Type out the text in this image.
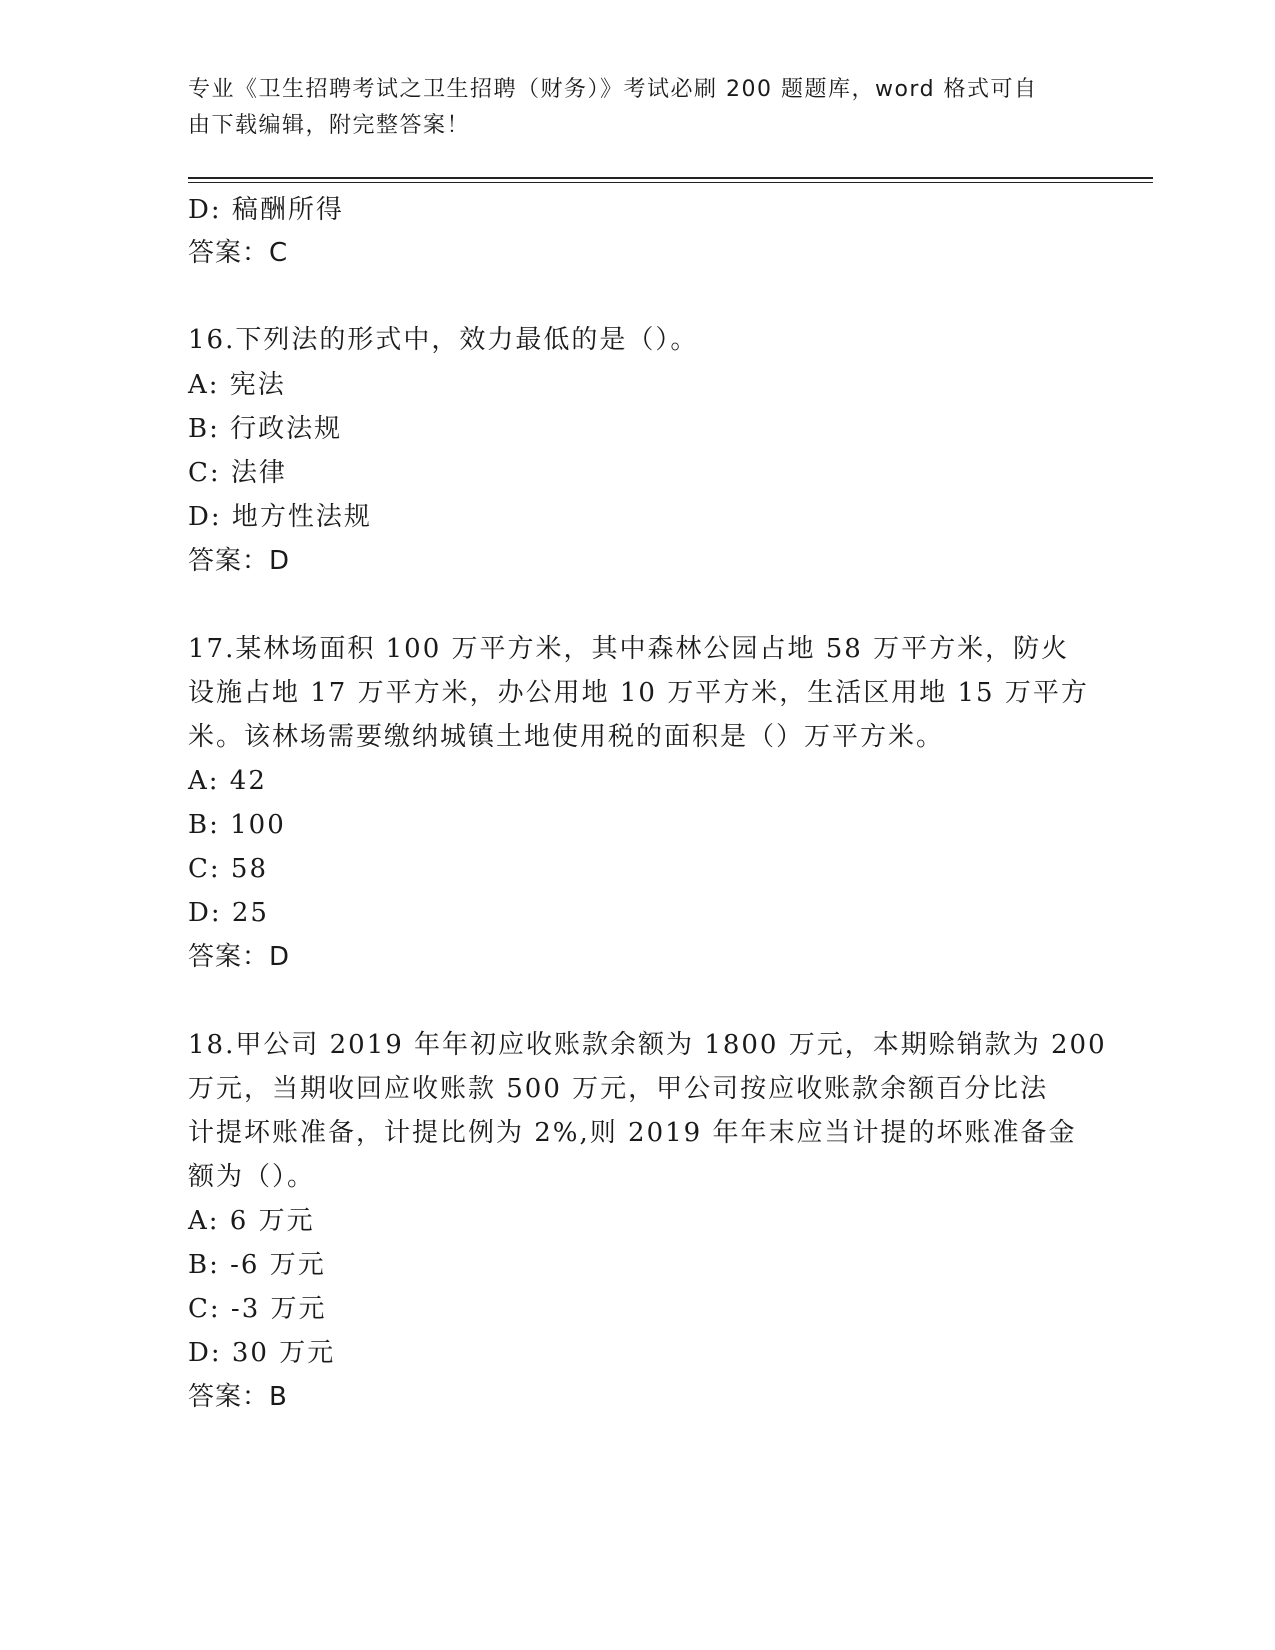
专业《卫生招聘考试之卫生招聘（财务）》考试必刷 200 题题库，word 格式可自
由下载编辑，附完整答案！
D: 稿酬所得
答案：C
16.下列法的形式中，效力最低的是（）。
A: 宪法
B: 行政法规
C: 法律
D: 地方性法规
答案：D
17.某林场面积 100 万平方米，其中森林公园占地 58 万平方米，防火
设施占地 17 万平方米，办公用地 10 万平方米，生活区用地 15 万平方
米。该林场需要缴纳城镇土地使用税的面积是（）万平方米。
A: 42
B: 100
C: 58
D: 25
答案：D
18.甲公司 2019 年年初应收账款余额为 1800 万元，本期赊销款为 200
万元，当期收回应收账款 500 万元，甲公司按应收账款余额百分比法
计提坏账准备，计提比例为 2%,则 2019 年年末应当计提的坏账准备金
额为（）。
A: 6 万元
B: -6 万元
C: -3 万元
D: 30 万元
答案：B
